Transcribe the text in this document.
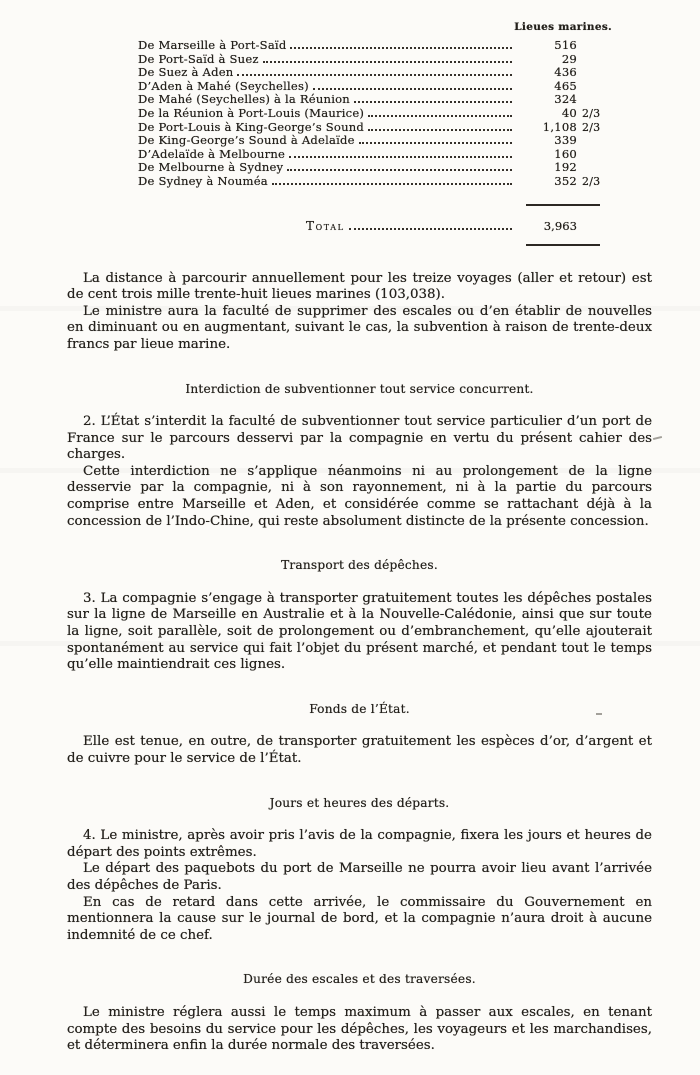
Lieues marines.
De Marseille à Port-Saïd	516
De Port-Saïd à Suez	29
De Suez à Aden	436
D’Aden à Mahé (Seychelles)	465
De Mahé (Seychelles) à la Réunion	324
De la Réunion à Port-Louis (Maurice)	40 2/3
De Port-Louis à King-George’s Sound	1,108 2/3
De King-George’s Sound à Adelaïde	339
D’Adelaïde à Melbourne	160
De Melbourne à Sydney	192
De Sydney à Nouméa	352 2/3
Total	3,963

La distance à parcourir annuellement pour les treize voyages (aller et retour) est de cent trois mille trente-huit lieues marines (103,038).

Le ministre aura la faculté de supprimer des escales ou d’en établir de nouvelles en diminuant ou en augmentant, suivant le cas, la subvention à raison de trente-deux francs par lieue marine.

Interdiction de subventionner tout service concurrent.

2. L’État s’interdit la faculté de subventionner tout service particulier d’un port de France sur le parcours desservi par la compagnie en vertu du présent cahier des charges.

Cette interdiction ne s’applique néanmoins ni au prolongement de la ligne desservie par la compagnie, ni à son rayonnement, ni à la partie du parcours comprise entre Marseille et Aden, et considérée comme se rattachant déjà à la concession de l’Indo-Chine, qui reste absolument distincte de la présente concession.

Transport des dépêches.

3. La compagnie s’engage à transporter gratuitement toutes les dépêches postales sur la ligne de Marseille en Australie et à la Nouvelle-Calédonie, ainsi que sur toute la ligne, soit parallèle, soit de prolongement ou d’embranchement, qu’elle ajouterait spontanément au service qui fait l’objet du présent marché, et pendant tout le temps qu’elle maintiendrait ces lignes.

Fonds de l’État.

Elle est tenue, en outre, de transporter gratuitement les espèces d’or, d’argent et de cuivre pour le service de l’État.

Jours et heures des départs.

4. Le ministre, après avoir pris l’avis de la compagnie, fixera les jours et heures de départ des points extrêmes.

Le départ des paquebots du port de Marseille ne pourra avoir lieu avant l’arrivée des dépêches de Paris.

En cas de retard dans cette arrivée, le commissaire du Gouvernement en mentionnera la cause sur le journal de bord, et la compagnie n’aura droit à aucune indemnité de ce chef.

Durée des escales et des traversées.

Le ministre réglera aussi le temps maximum à passer aux escales, en tenant compte des besoins du service pour les dépêches, les voyageurs et les marchandises, et déterminera enfin la durée normale des traversées.
